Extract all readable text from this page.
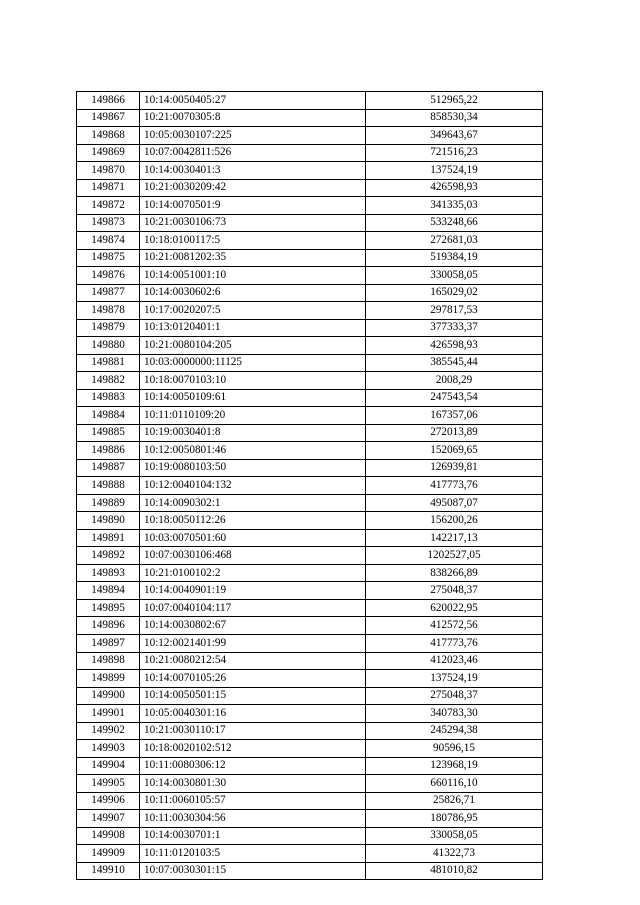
149866	10:14:0050405:27	512965,22
149867	10:21:0070305:8	858530,34
149868	10:05:0030107:225	349643,67
149869	10:07:0042811:526	721516,23
149870	10:14:0030401:3	137524,19
149871	10:21:0030209:42	426598,93
149872	10:14:0070501:9	341335,03
149873	10:21:0030106:73	533248,66
149874	10:18:0100117:5	272681,03
149875	10:21:0081202:35	519384,19
149876	10:14:0051001:10	330058,05
149877	10:14:0030602:6	165029,02
149878	10:17:0020207:5	297817,53
149879	10:13:0120401:1	377333,37
149880	10:21:0080104:205	426598,93
149881	10:03:0000000:11125	385545,44
149882	10:18:0070103:10	2008,29
149883	10:14:0050109:61	247543,54
149884	10:11:0110109:20	167357,06
149885	10:19:0030401:8	272013,89
149886	10:12:0050801:46	152069,65
149887	10:19:0080103:50	126939,81
149888	10:12:0040104:132	417773,76
149889	10:14:0090302:1	495087,07
149890	10:18:0050112:26	156200,26
149891	10:03:0070501:60	142217,13
149892	10:07:0030106:468	1202527,05
149893	10:21:0100102:2	838266,89
149894	10:14:0040901:19	275048,37
149895	10:07:0040104:117	620022,95
149896	10:14:0030802:67	412572,56
149897	10:12:0021401:99	417773,76
149898	10:21:0080212:54	412023,46
149899	10:14:0070105:26	137524,19
149900	10:14:0050501:15	275048,37
149901	10:05:0040301:16	340783,30
149902	10:21:0030110:17	245294,38
149903	10:18:0020102:512	90596,15
149904	10:11:0080306:12	123968,19
149905	10:14:0030801:30	660116,10
149906	10:11:0060105:57	25826,71
149907	10:11:0030304:56	180786,95
149908	10:14:0030701:1	330058,05
149909	10:11:0120103:5	41322,73
149910	10:07:0030301:15	481010,82
